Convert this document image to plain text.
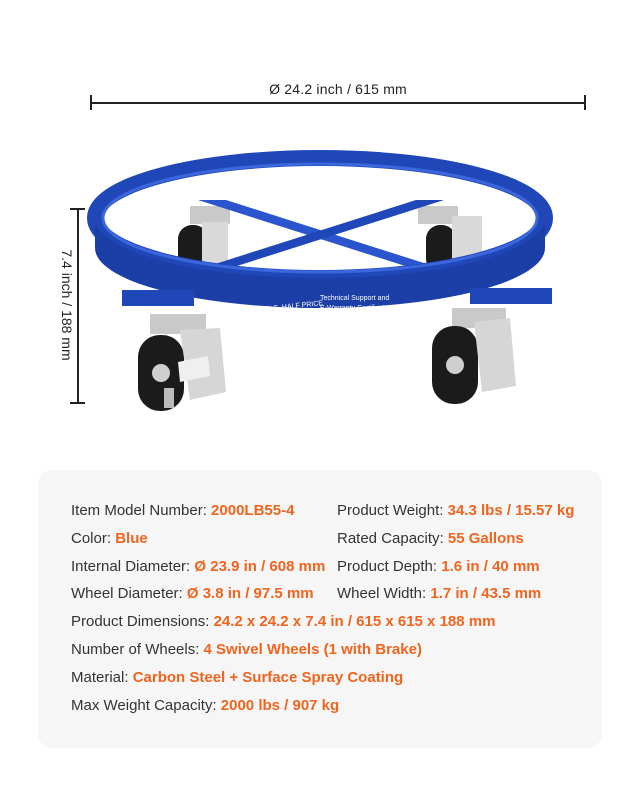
Ø 24.2 inch / 615 mm
7.4 inch / 188 mm	TOUGH TOOLS, HALF PRICE
Technical Support and
E-Warranty Certificate
Item Model Number: 2000LB55-4	Product Weight: 34.3 lbs / 15.57 kg
Color: Blue	Rated Capacity: 55 Gallons
Internal Diameter: Ø 23.9 in / 608 mm Product Depth: 1.6 in / 40 mm
Wheel Diameter: Ø 3.8 in / 97.5 mm Wheel Width: 1.7 in / 43.5 mm
Product Dimensions: 24.2 x 24.2 x 7.4 in / 615 x 615 x 188 mm
Number of Wheels: 4 Swivel Wheels (1 with Brake)
Material: Carbon Steel + Surface Spray Coating
Max Weight Capacity: 2000 lbs / 907 kg
